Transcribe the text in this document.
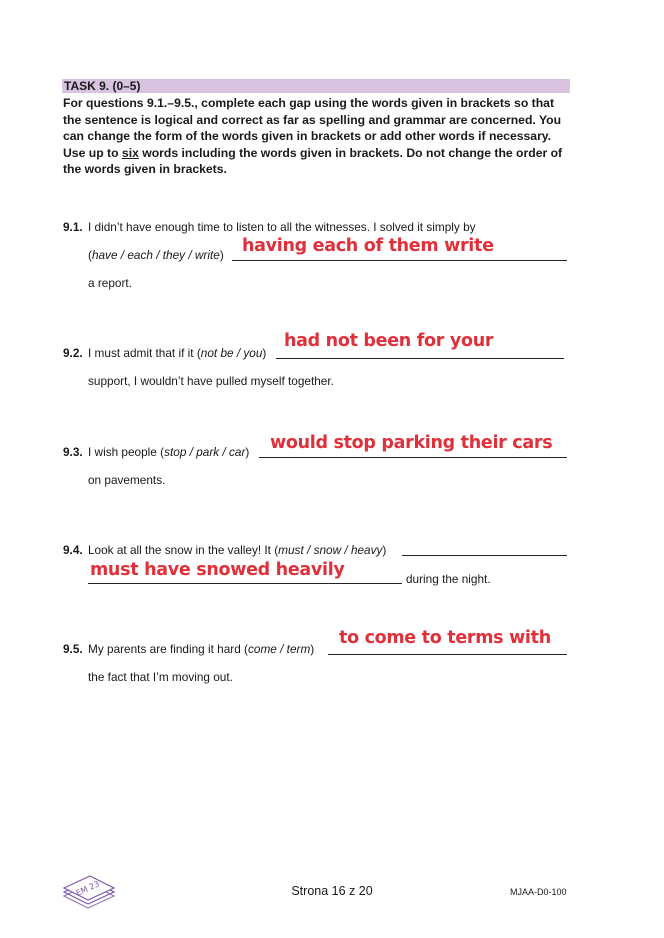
TASK 9. (0–5)
For questions 9.1.–9.5., complete each gap using the words given in brackets so that the sentence is logical and correct as far as spelling and grammar are concerned. You can change the form of the words given in brackets or add other words if necessary. Use up to six words including the words given in brackets. Do not change the order of the words given in brackets.
9.1. I didn’t have enough time to listen to all the witnesses. I solved it simply by
(have / each / they / write) having each of them write
a report.
9.2. I must admit that if it (not be / you)
had not been for your
support, I wouldn’t have pulled myself together.
9.3. I wish people (stop / park / car) would stop parking their cars
on pavements.
9.4. Look at all the snow in the valley! It (must / snow / heavy)
must have snowed heavily	during the night.
9.5. My parents are finding it hard (come / term)
to come to terms with
the fact that I’m moving out.
EM 23	Strona 16 z 20	MJAA-D0-100
